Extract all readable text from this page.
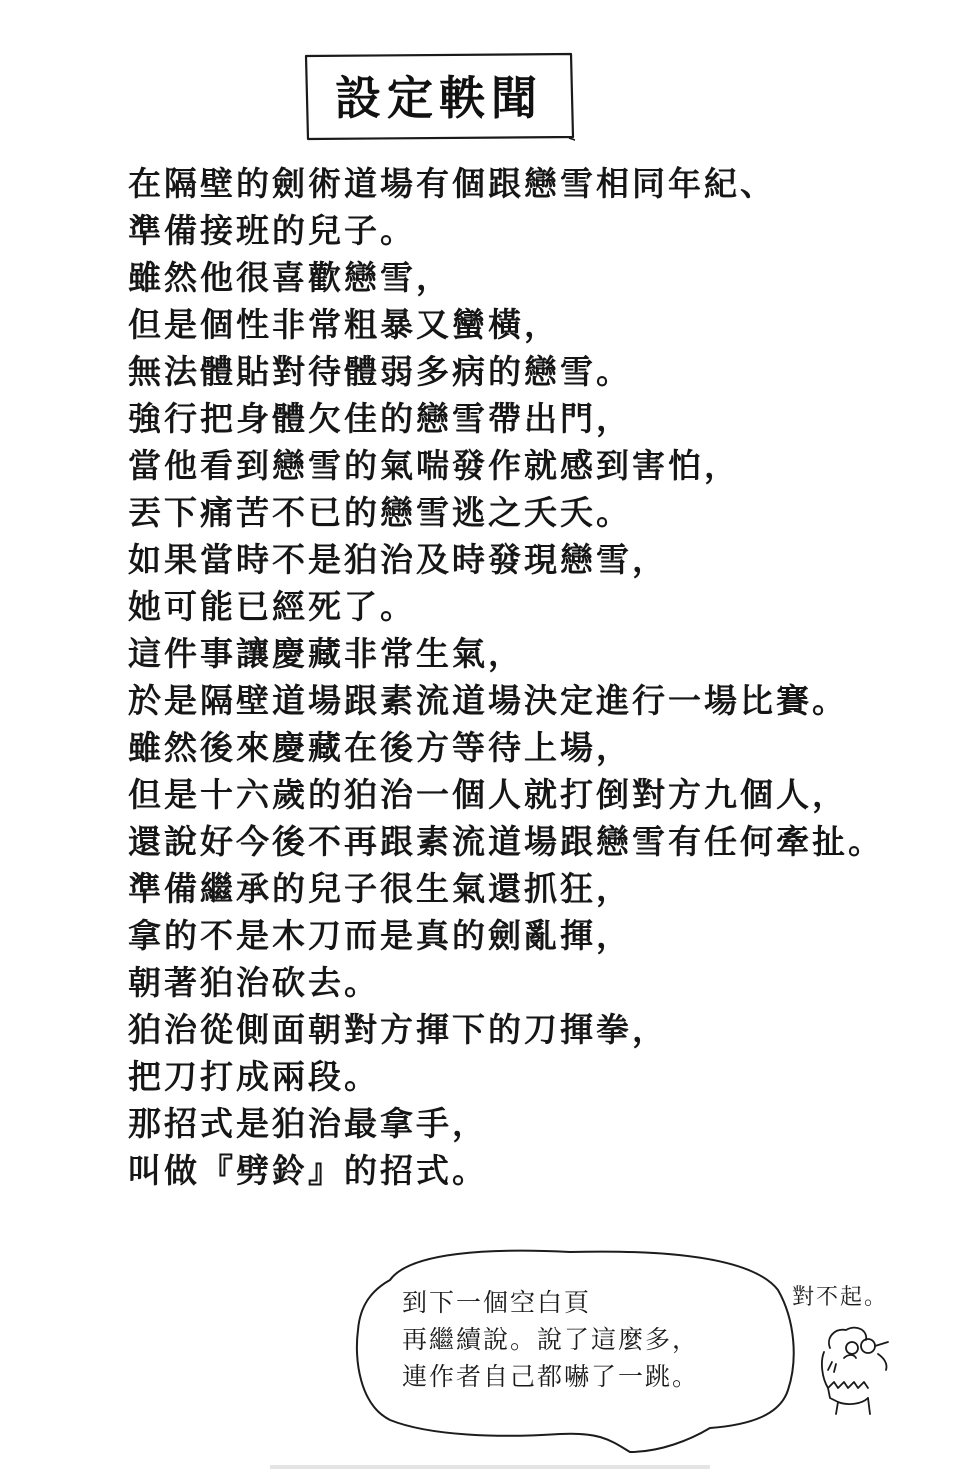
設定軼聞
在隔壁的劍術道場有個跟戀雪相同年紀、
準備接班的兒子。
雖然他很喜歡戀雪，
但是個性非常粗暴又蠻橫，
無法體貼對待體弱多病的戀雪。
強行把身體欠佳的戀雪帶出門，
當他看到戀雪的氣喘發作就感到害怕，
丟下痛苦不已的戀雪逃之夭夭。
如果當時不是狛治及時發現戀雪，
她可能已經死了。
這件事讓慶藏非常生氣，
於是隔壁道場跟素流道場決定進行一場比賽。
雖然後來慶藏在後方等待上場，
但是十六歲的狛治一個人就打倒對方九個人，
還說好今後不再跟素流道場跟戀雪有任何牽扯。
準備繼承的兒子很生氣還抓狂，
拿的不是木刀而是真的劍亂揮，
朝著狛治砍去。
狛治從側面朝對方揮下的刀揮拳，
把刀打成兩段。
那招式是狛治最拿手，
叫做『劈鈴』的招式。
到下一個空白頁
再繼續說。說了這麼多，
連作者自己都嚇了一跳。
對不起。
